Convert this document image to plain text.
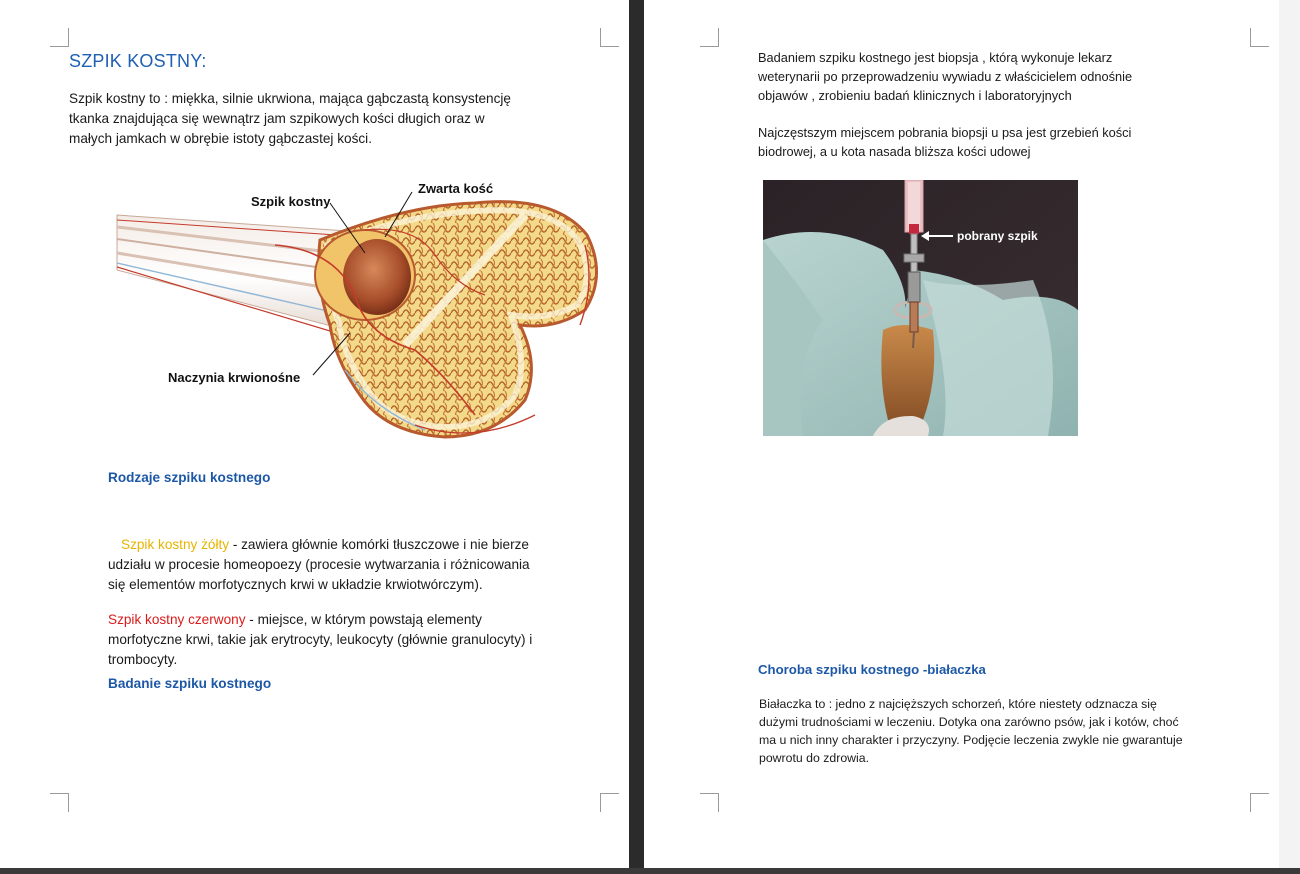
SZPIK KOSTNY:
Szpik kostny to : miękka, silnie ukrwiona, mająca gąbczastą konsystencję
tkanka znajdująca się wewnątrz jam szpikowych kości długich oraz w
małych jamkach w obrębie istoty gąbczastej kości.
Szpik kostny
Zwarta kość
Naczynia krwionośne
Rodzaje szpiku kostnego
Szpik kostny żółty - zawiera głównie komórki tłuszczowe i nie bierze
udziału w procesie homeopoezy (procesie wytwarzania i różnicowania
się elementów morfotycznych krwi w układzie krwiotwórczym).
Szpik kostny czerwony - miejsce, w którym powstają elementy
morfotyczne krwi, takie jak erytrocyty, leukocyty (głównie granulocyty) i
trombocyty.
Badanie szpiku kostnego
Badaniem szpiku kostnego jest biopsja , którą wykonuje lekarz
weterynarii po przeprowadzeniu wywiadu z właścicielem odnośnie
objawów , zrobieniu badań klinicznych i laboratoryjnych
Najczęstszym miejscem pobrania biopsji u psa jest grzebień kości
biodrowej, a u kota nasada bliższa kości udowej
pobrany szpik
Choroba szpiku kostnego -białaczka
Białaczka to : jedno z najcięższych schorzeń, które niestety odznacza się
dużymi trudnościami w leczeniu. Dotyka ona zarówno psów, jak i kotów, choć
ma u nich inny charakter i przyczyny. Podjęcie leczenia zwykle nie gwarantuje
powrotu do zdrowia.
